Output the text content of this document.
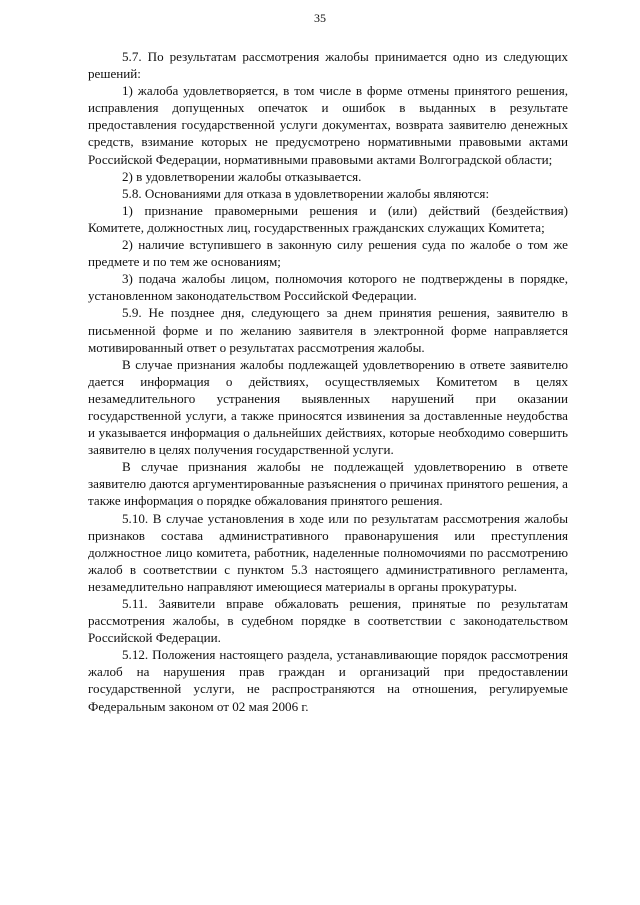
35

5.7. По результатам рассмотрения жалобы принимается одно из следующих решений:

1) жалоба удовлетворяется, в том числе в форме отмены принятого решения, исправления допущенных опечаток и ошибок в выданных в результате предоставления государственной услуги документах, возврата заявителю денежных средств, взимание которых не предусмотрено нормативными правовыми актами Российской Федерации, нормативными правовыми актами Волгоградской области;

2) в удовлетворении жалобы отказывается.

5.8. Основаниями для отказа в удовлетворении жалобы являются:

1) признание правомерными решения и (или) действий (бездействия) Комитете, должностных лиц, государственных гражданских служащих Комитета;

2) наличие вступившего в законную силу решения суда по жалобе о том же предмете и по тем же основаниям;

3) подача жалобы лицом, полномочия которого не подтверждены в порядке, установленном законодательством Российской Федерации.

5.9. Не позднее дня, следующего за днем принятия решения, заявителю в письменной форме и по желанию заявителя в электронной форме направляется мотивированный ответ о результатах рассмотрения жалобы.

В случае признания жалобы подлежащей удовлетворению в ответе заявителю дается информация о действиях, осуществляемых Комитетом в целях незамедлительного устранения выявленных нарушений при оказании государственной услуги, а также приносятся извинения за доставленные неудобства и указывается информация о дальнейших действиях, которые необходимо совершить заявителю в целях получения государственной услуги.

В случае признания жалобы не подлежащей удовлетворению в ответе заявителю даются аргументированные разъяснения о причинах принятого решения, а также информация о порядке обжалования принятого решения.

5.10. В случае установления в ходе или по результатам рассмотрения жалобы признаков состава административного правонарушения или преступления должностное лицо комитета, работник, наделенные полномочиями по рассмотрению жалоб в соответствии с пунктом 5.3 настоящего административного регламента, незамедлительно направляют имеющиеся материалы в органы прокуратуры.

5.11. Заявители вправе обжаловать решения, принятые по результатам рассмотрения жалобы, в судебном порядке в соответствии с законодательством Российской Федерации.

5.12. Положения настоящего раздела, устанавливающие порядок рассмотрения жалоб на нарушения прав граждан и организаций при предоставлении государственной услуги, не распространяются на отношения, регулируемые Федеральным законом от 02 мая 2006 г.
